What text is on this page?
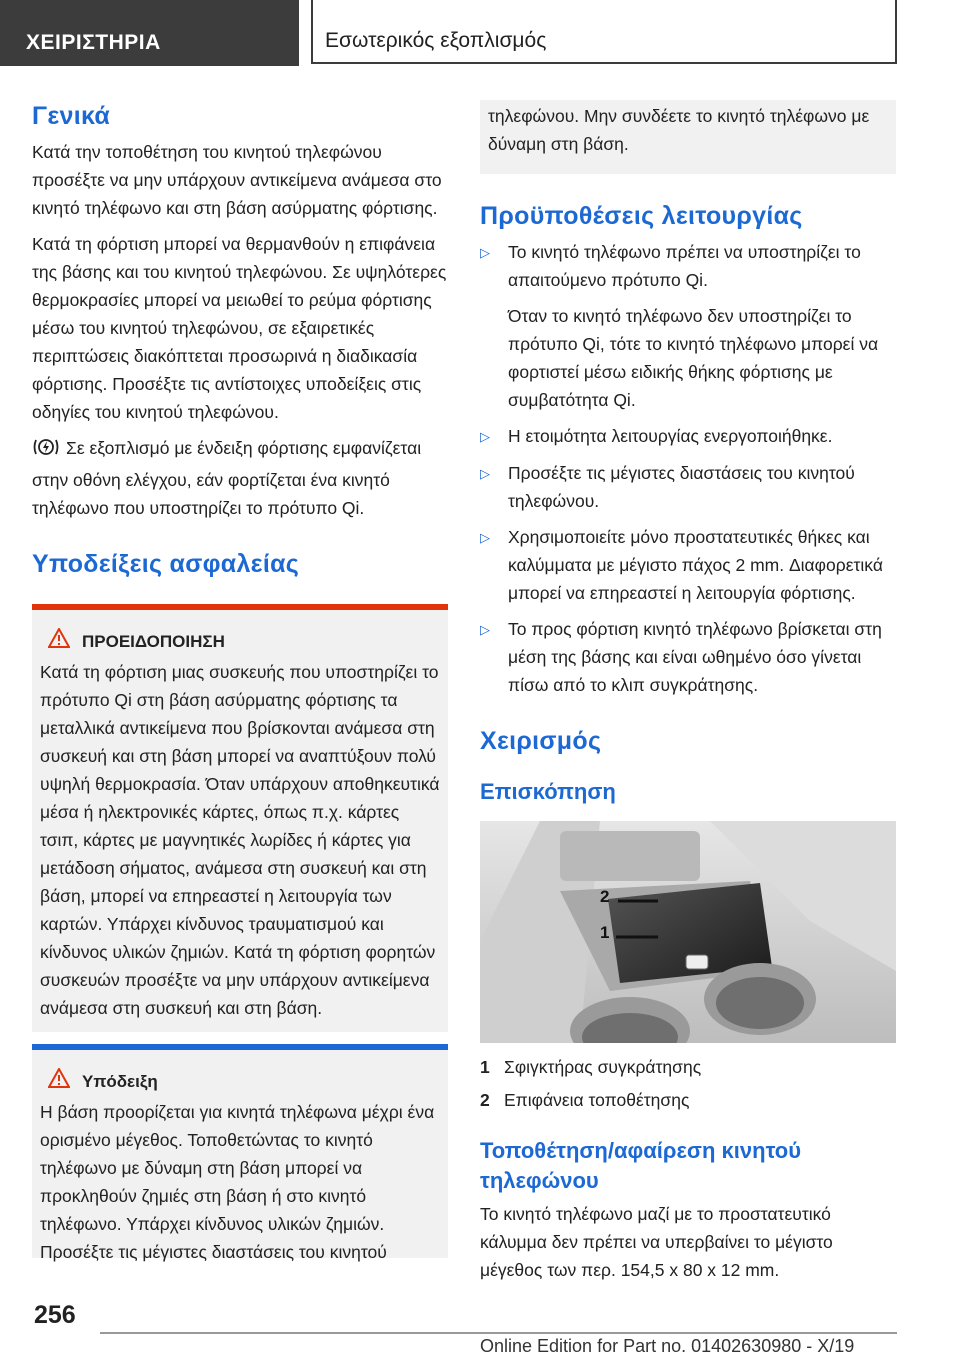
ΧΕΙΡΙΣΤΗΡΙΑ	Εσωτερικός εξοπλισμός
Γενικά

Κατά την τοποθέτηση του κινητού τηλεφώνου προσέξτε να μην υπάρχουν αντικείμενα ανάμεσα στο κινητό τηλέφωνο και στη βάση ασύρματης φόρτισης.

Κατά τη φόρτιση μπορεί να θερμανθούν η επιφάνεια της βάσης και του κινητού τηλεφώνου. Σε υψηλότερες θερμοκρασίες μπορεί να μειωθεί το ρεύμα φόρτισης μέσω του κινητού τηλεφώνου, σε εξαιρετικές περιπτώσεις διακόπτεται προσωρινά η διαδικασία φόρτισης. Προσέξτε τις αντίστοιχες υποδείξεις στις οδηγίες του κινητού τηλεφώνου.

Σε εξοπλισμό με ένδειξη φόρτισης εμφανίζεται στην οθόνη ελέγχου, εάν φορτίζεται ένα κινητό τηλέφωνο που υποστηρίζει το πρότυπο Qi.

Υποδείξεις ασφαλείας
ΠΡΟΕΙΔΟΠΟΙΗΣΗ

Κατά τη φόρτιση μιας συσκευής που υποστηρίζει το πρότυπο Qi στη βάση ασύρματης φόρτισης τα μεταλλικά αντικείμενα που βρίσκονται ανάμεσα στη συσκευή και στη βάση μπορεί να αναπτύξουν πολύ υψηλή θερμοκρασία. Όταν υπάρχουν αποθηκευτικά μέσα ή ηλεκτρονικές κάρτες, όπως π.χ. κάρτες τσιπ, κάρτες με μαγνητικές λωρίδες ή κάρτες για μετάδοση σήματος, ανάμεσα στη συσκευή και στη βάση, μπορεί να επηρεαστεί η λειτουργία των καρτών. Υπάρχει κίνδυνος τραυματισμού και κίνδυνος υλικών ζημιών. Κατά τη φόρτιση φορητών συσκευών προσέξτε να μην υπάρχουν αντικείμενα ανάμεσα στη συσκευή και στη βάση.

Υπόδειξη

Η βάση προορίζεται για κινητά τηλέφωνα μέχρι ένα ορισμένο μέγεθος. Τοποθετώντας το κινητό τηλέφωνο με δύναμη στη βάση μπορεί να προκληθούν ζημιές στη βάση ή στο κινητό τηλέφωνο. Υπάρχει κίνδυνος υλικών ζημιών. Προσέξτε τις μέγιστες διαστάσεις του κινητού

τηλεφώνου. Μην συνδέετε το κινητό τηλέφωνο με δύναμη στη βάση.

Προϋποθέσεις λειτουργίας
▷	Το κινητό τηλέφωνο πρέπει να υποστηρίζει το απαιτούμενο πρότυπο Qi.

Όταν το κινητό τηλέφωνο δεν υποστηρίζει το πρότυπο Qi, τότε το κινητό τηλέφωνο μπορεί να φορτιστεί μέσω ειδικής θήκης φόρτισης με συμβατότητα Qi.

▷	Η ετοιμότητα λειτουργίας ενεργοποιήθηκε.
▷	Προσέξτε τις μέγιστες διαστάσεις του κινητού τηλεφώνου.
▷	Χρησιμοποιείτε μόνο προστατευτικές θήκες και καλύμματα με μέγιστο πάχος 2 mm. Διαφορετικά μπορεί να επηρεαστεί η λειτουργία φόρτισης.
▷	Το προς φόρτιση κινητό τηλέφωνο βρίσκεται στη μέση της βάσης και είναι ωθημένο όσο γίνεται πίσω από το κλιπ συγκράτησης.
Χειρισμός
Επισκόπηση
2
1
1 Σφιγκτήρας συγκράτησης
2 Επιφάνεια τοποθέτησης
Τοποθέτηση/αφαίρεση κινητού τηλεφώνου

Το κινητό τηλέφωνο μαζί με το προστατευτικό κάλυμμα δεν πρέπει να υπερβαίνει το μέγιστο μέγεθος των περ. 154,5 x 80 x 12 mm.

256
Online Edition for Part no. 01402630980 - X/19
